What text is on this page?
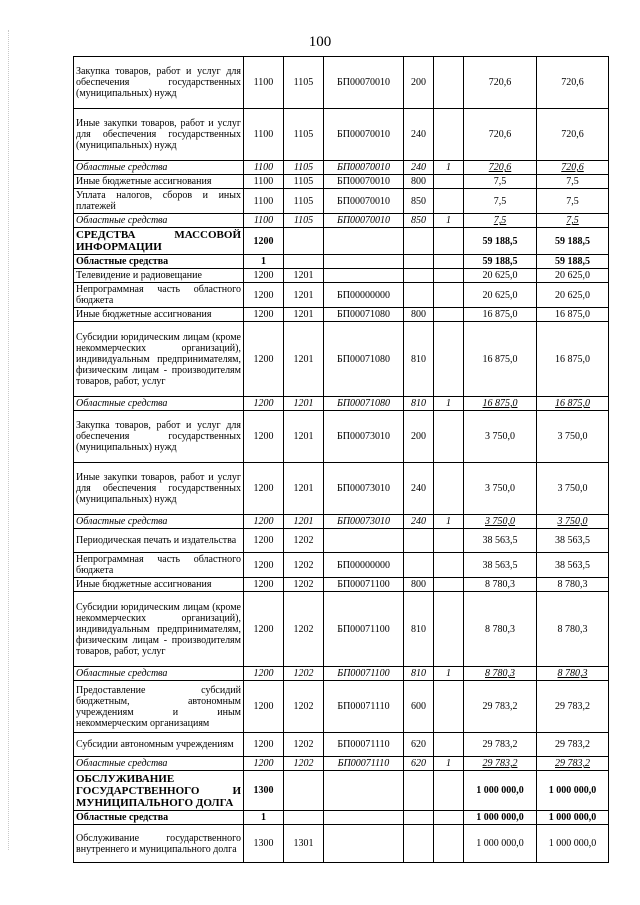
100
Закупка товаров, работ и услуг для обеспечения государственных (муниципальных) нужд	1100	1105	БП00070010	200		720,6	720,6
Иные закупки товаров, работ и услуг для обеспечения государственных (муниципальных) нужд	1100	1105	БП00070010	240		720,6	720,6
Областные средства	1100	1105	БП00070010	240	1	720,6	720,6
Иные бюджетные ассигнования	1100	1105	БП00070010	800		7,5	7,5
Уплата налогов, сборов и иных платежей	1100	1105	БП00070010	850		7,5	7,5
Областные средства	1100	1105	БП00070010	850	1	7,5	7,5
СРЕДСТВА МАССОВОЙ ИНФОРМАЦИИ	1200					59 188,5	59 188,5
Областные средства	1					59 188,5	59 188,5
Телевидение и радиовещание	1200	1201				20 625,0	20 625,0
Непрограммная часть областного бюджета	1200	1201	БП00000000			20 625,0	20 625,0
Иные бюджетные ассигнования	1200	1201	БП00071080	800		16 875,0	16 875,0
Субсидии юридическим лицам (кроме некоммерческих организаций), индивидуальным предпринимателям, физическим лицам - производителям товаров, работ, услуг	1200	1201	БП00071080	810		16 875,0	16 875,0
Областные средства	1200	1201	БП00071080	810	1	16 875,0	16 875,0
Закупка товаров, работ и услуг для обеспечения государственных (муниципальных) нужд	1200	1201	БП00073010	200		3 750,0	3 750,0
Иные закупки товаров, работ и услуг для обеспечения государственных (муниципальных) нужд	1200	1201	БП00073010	240		3 750,0	3 750,0
Областные средства	1200	1201	БП00073010	240	1	3 750,0	3 750,0
Периодическая печать и издательства	1200	1202				38 563,5	38 563,5
Непрограммная часть областного бюджета	1200	1202	БП00000000			38 563,5	38 563,5
Иные бюджетные ассигнования	1200	1202	БП00071100	800		8 780,3	8 780,3
Субсидии юридическим лицам (кроме некоммерческих организаций), индивидуальным предпринимателям, физическим лицам - производителям товаров, работ, услуг	1200	1202	БП00071100	810		8 780,3	8 780,3
Областные средства	1200	1202	БП00071100	810	1	8 780,3	8 780,3
Предоставление субсидий бюджетным, автономным учреждениям и иным некоммерческим организациям	1200	1202	БП00071110	600		29 783,2	29 783,2
Субсидии автономным учреждениям	1200	1202	БП00071110	620		29 783,2	29 783,2
Областные средства	1200	1202	БП00071110	620	1	29 783,2	29 783,2
ОБСЛУЖИВАНИЕ ГОСУДАРСТВЕННОГО И МУНИЦИПАЛЬНОГО ДОЛГА	1300					1 000 000,0	1 000 000,0
Областные средства	1					1 000 000,0	1 000 000,0
Обслуживание государственного внутреннего и муниципального долга	1300	1301				1 000 000,0	1 000 000,0
